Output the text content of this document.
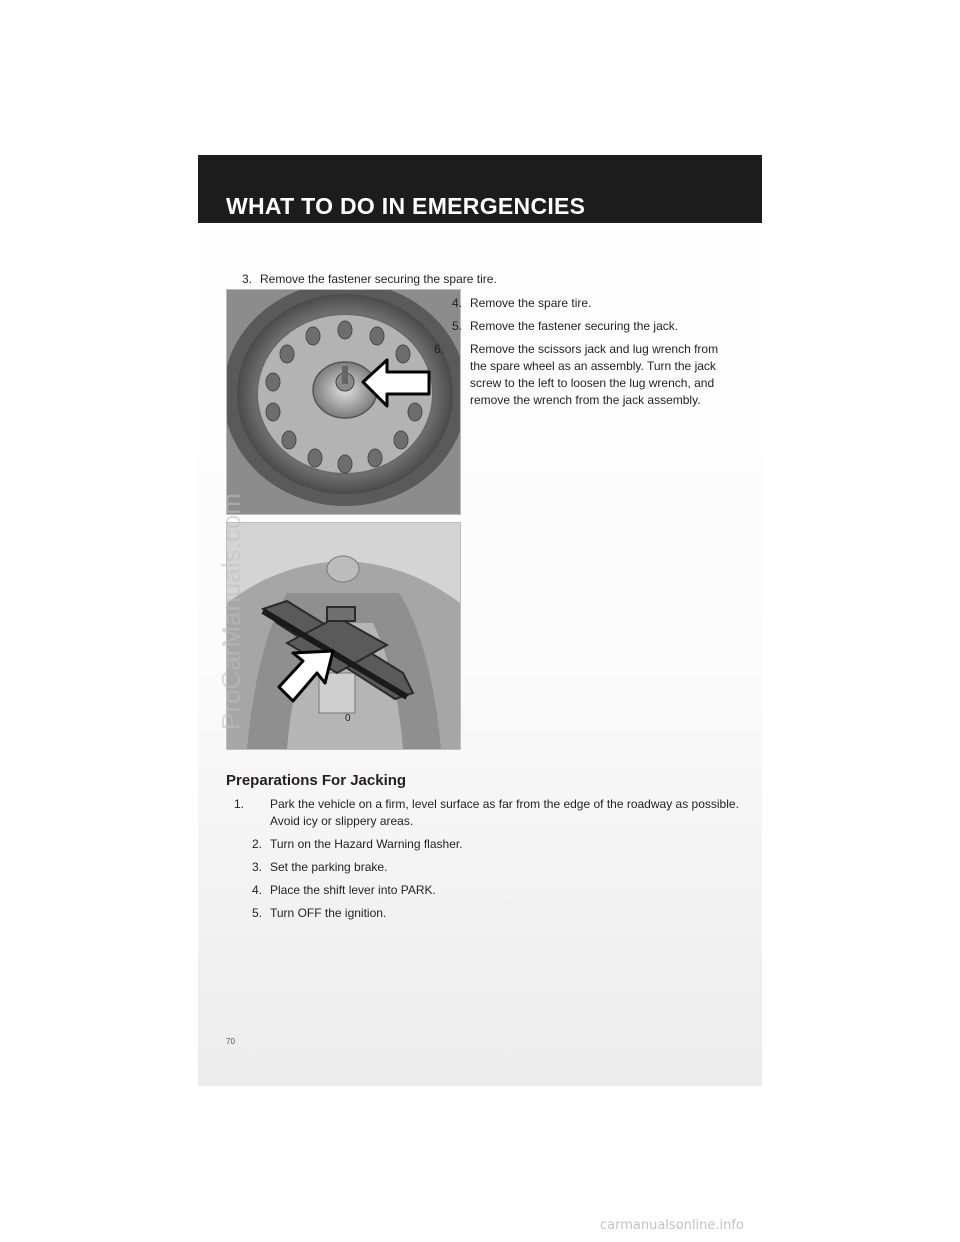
WHAT TO DO IN EMERGENCIES
3. Remove the fastener securing the spare tire.
0
4. Remove the spare tire.
5. Remove the fastener securing the jack.
6. Remove the scissors jack and lug wrench from the spare wheel as an assembly. Turn the jack screw to the left to loosen the lug wrench, and remove the wrench from the jack assembly.
Preparations For Jacking
1. Park the vehicle on a firm, level surface as far from the edge of the roadway as possible. Avoid icy or slippery areas.
2. Turn on the Hazard Warning flasher.
3. Set the parking brake.
4. Place the shift lever into PARK.
5. Turn OFF the ignition.
70
ProCarManuals.com
carmanualsonline.info
